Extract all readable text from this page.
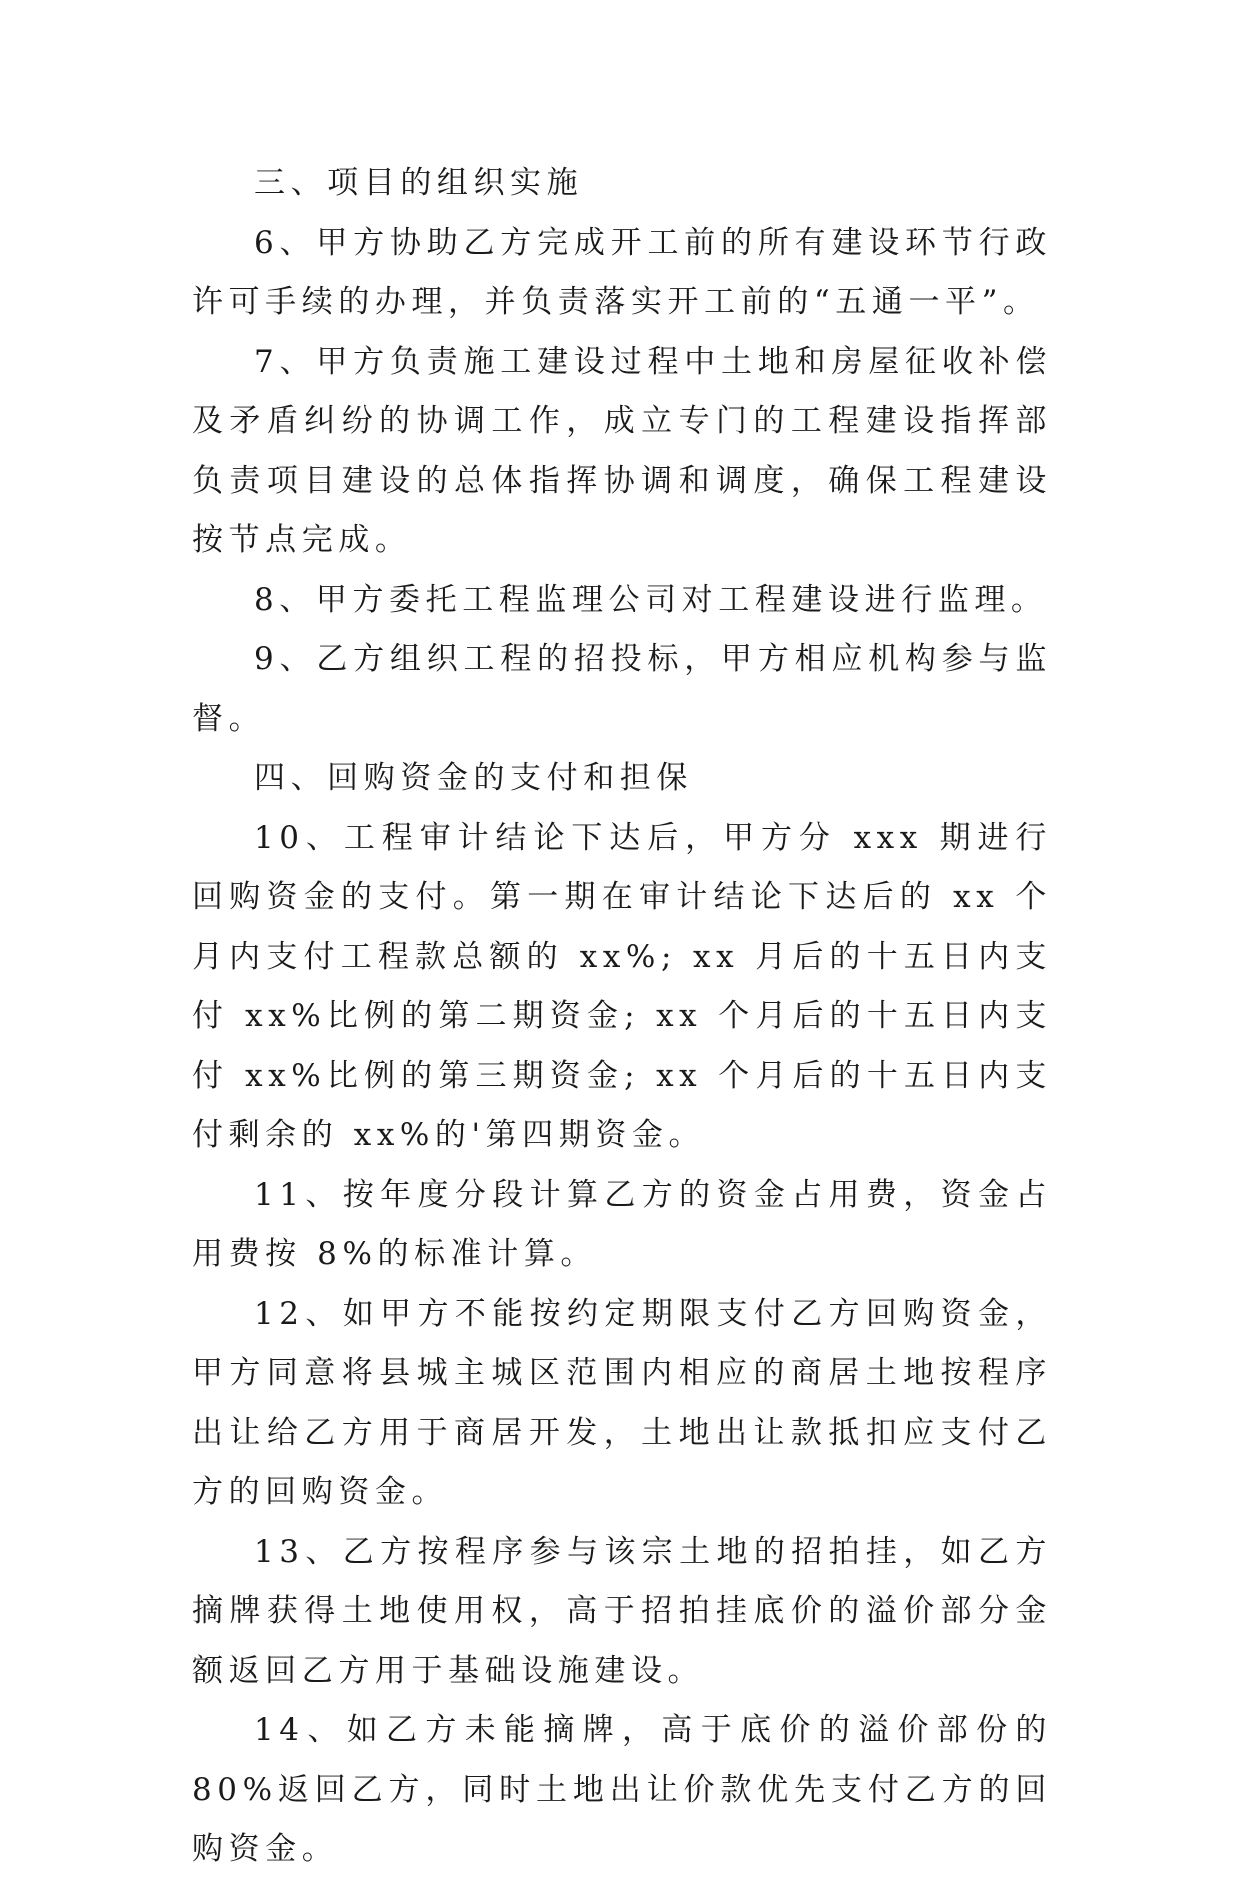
三、项目的组织实施

6、甲方协助乙方完成开工前的所有建设环节行政许可手续的办理，并负责落实开工前的“五通一平”。

7、甲方负责施工建设过程中土地和房屋征收补偿及矛盾纠纷的协调工作，成立专门的工程建设指挥部负责项目建设的总体指挥协调和调度，确保工程建设按节点完成。

8、甲方委托工程监理公司对工程建设进行监理。

9、乙方组织工程的招投标，甲方相应机构参与监督。

四、回购资金的支付和担保

10、工程审计结论下达后，甲方分 xxx 期进行回购资金的支付。第一期在审计结论下达后的 xx 个月内支付工程款总额的 xx%; xx 月后的十五日内支付 xx%比例的第二期资金; xx 个月后的十五日内支付 xx%比例的第三期资金; xx 个月后的十五日内支付剩余的 xx%的'第四期资金。

11、按年度分段计算乙方的资金占用费，资金占用费按 8%的标准计算。

12、如甲方不能按约定期限支付乙方回购资金，甲方同意将县城主城区范围内相应的商居土地按程序出让给乙方用于商居开发，土地出让款抵扣应支付乙方的回购资金。

13、乙方按程序参与该宗土地的招拍挂，如乙方摘牌获得土地使用权，高于招拍挂底价的溢价部分金额返回乙方用于基础设施建设。

14、如乙方未能摘牌，高于底价的溢价部份的 80%返回乙方，同时土地出让价款优先支付乙方的回购资金。
